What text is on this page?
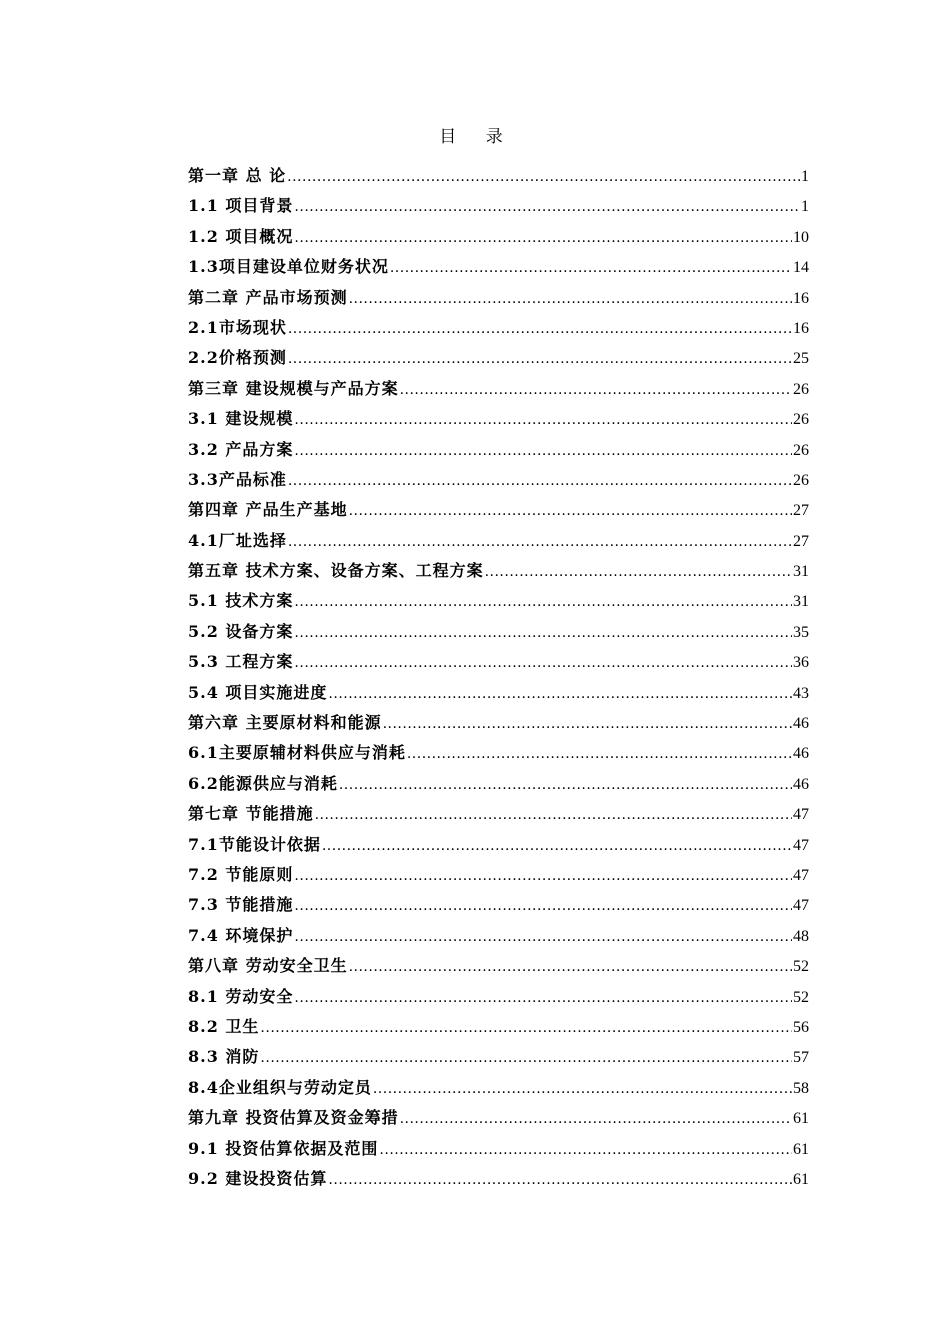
目 录
第一章 总 论 .....	1
1.1 项目背景 .....	1
1.2 项目概况 .....	10
1.3项目建设单位财务状况 .....	14
第二章 产品市场预测 .....	16
2.1市场现状 .....	16
2.2价格预测 .....	25
第三章 建设规模与产品方案 .....	26
3.1 建设规模 .....	26
3.2 产品方案 .....	26
3.3产品标准 .....	26
第四章 产品生产基地 .....	27
4.1厂址选择 .....	27
第五章 技术方案、设备方案、工程方案 .....	31
5.1 技术方案 .....	31
5.2 设备方案 .....	35
5.3 工程方案 .....	36
5.4 项目实施进度 .....	43
第六章 主要原材料和能源 .....	46
6.1主要原辅材料供应与消耗 .....	46
6.2能源供应与消耗 .....	46
第七章 节能措施 .....	47
7.1节能设计依据 .....	47
7.2 节能原则 .....	47
7.3 节能措施 .....	47
7.4 环境保护 .....	48
第八章 劳动安全卫生 .....	52
8.1 劳动安全 .....	52
8.2 卫生 .....	56
8.3 消防 .....	57
8.4企业组织与劳动定员 .....	58
第九章 投资估算及资金筹措 .....	61
9.1 投资估算依据及范围 .....	61
9.2 建设投资估算 .....	61
